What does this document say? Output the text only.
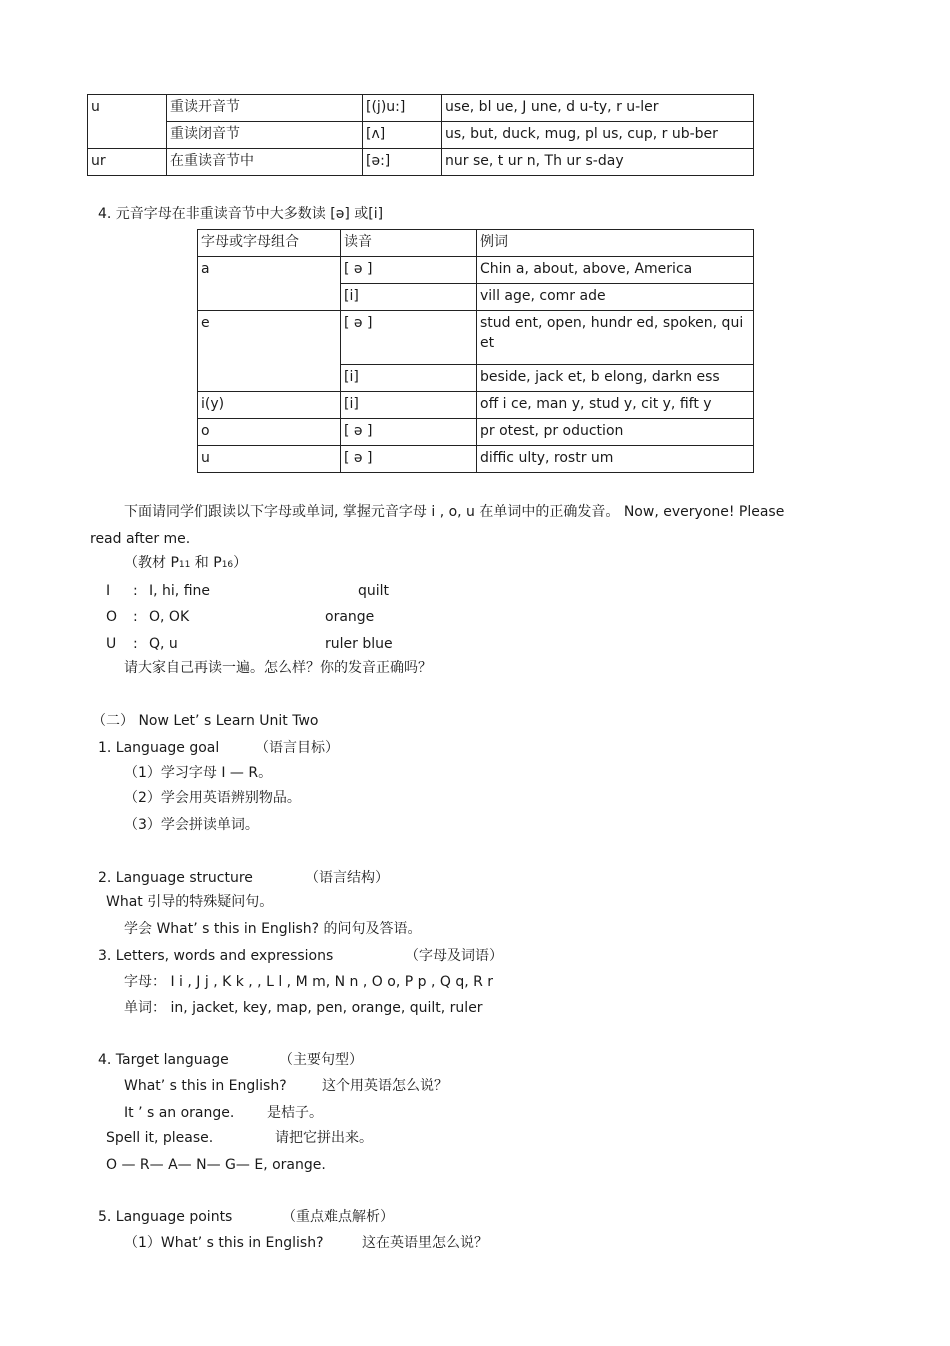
u	重读开音节	[(j)u:]	use, bl ue, J une, d u-ty, r u-ler
	重读闭音节	[ʌ]	us, but, duck, mug, pl us, cup, r ub-ber
ur	在重读音节中	[ə:]	nur se, t ur n, Th ur s-day
4. 元音字母在非重读音节中大多数读 [ə] 或[i]
字母或字母组合	读音	例词
a	[ ə ]	Chin a, about, above, America
	[i]	vill age, comr ade
e	[ ə ]	stud ent, open, hundr ed, spoken, qui et
	[i]	beside, jack et, b elong, darkn ess
i(y)	[i]	off i ce, man y, stud y, cit y, fift y
o	[ ə ]	pr otest, pr oduction
u	[ ə ]	diffic ulty, rostr um
下面请同学们跟读以下字母或单词, 掌握元音字母 i , o, u 在单词中的正确发音。 Now, everyone! Please
read after me.
（教材 P11 和 P16）
I : I, hi, fine	quilt
O : O, OK	orange
U : Q, u	ruler blue
请大家自己再读一遍。怎么样？你的发音正确吗？
（二） Now Let’ s Learn Unit Two
1. Language goal	（语言目标）
（1）学习字母 I — R。
（2）学会用英语辨别物品。
（3）学会拼读单词。
2. Language structure	（语言结构）
What 引导的特殊疑问句。
学会 What’ s this in English? 的问句及答语。
3. Letters, words and expressions	（字母及词语）
字母： I i , J j , K k , , L l , M m, N n , O o, P p , Q q, R r
单词： in, jacket, key, map, pen, orange, quilt, ruler
4. Target language	（主要句型）
What’ s this in English?	这个用英语怎么说？
It ’ s an orange. 是桔子。
Spell it, please.	请把它拼出来。
O — R— A— N— G— E, orange.
5. Language points	（重点难点解析）
（1）What’ s this in English?	这在英语里怎么说？
